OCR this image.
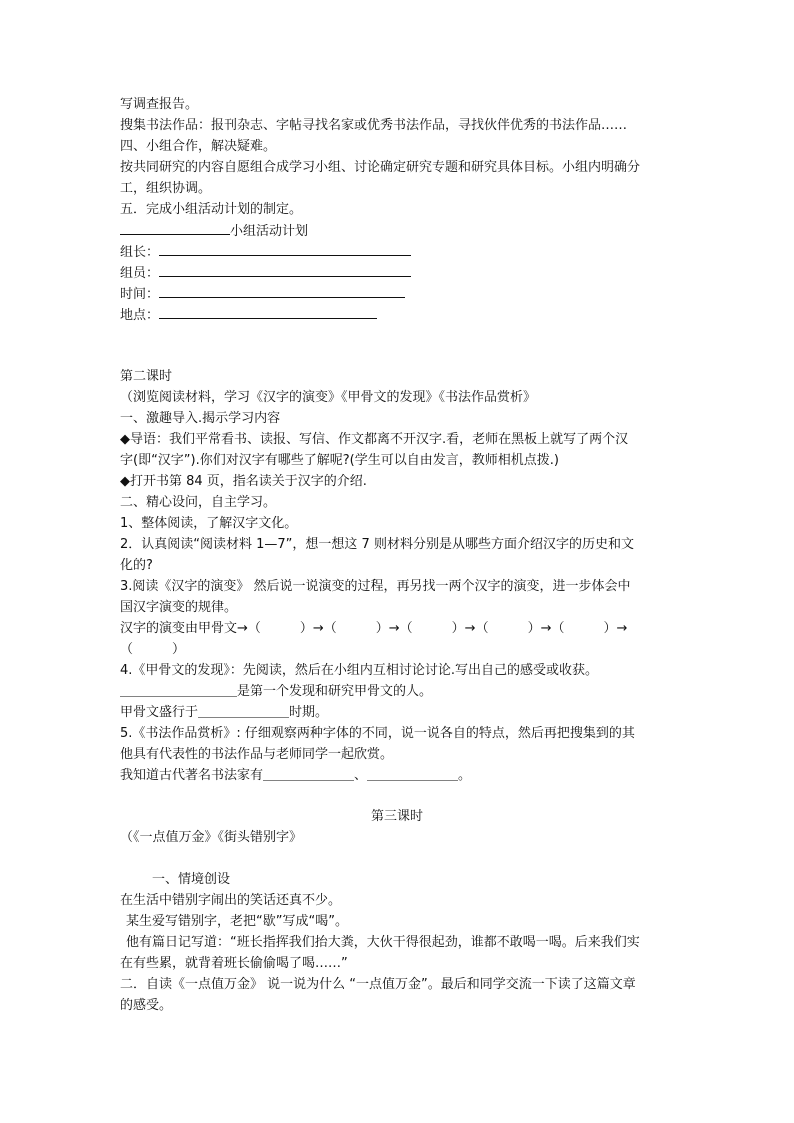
写调查报告。

搜集书法作品：报刊杂志、字帖寻找名家或优秀书法作品，寻找伙伴优秀的书法作品……

四、小组合作，解决疑难。

按共同研究的内容自愿组合成学习小组、讨论确定研究专题和研究具体目标。小组内明确分

工，组织协调。

五．完成小组活动计划的制定。

小组活动计划

组长：

组员：

时间：

地点：

第二课时

（浏览阅读材料，学习《汉字的演变》《甲骨文的发现》《书法作品赏析》

一、激趣导入.揭示学习内容

◆导语：我们平常看书、读报、写信、作文都离不开汉字.看，老师在黑板上就写了两个汉

字(即“汉字”).你们对汉字有哪些了解呢?(学生可以自由发言，教师相机点拨.)

◆打开书第 84 页，指名读关于汉字的介绍.

二、精心设问，自主学习。

1、整体阅读，了解汉字文化。

2．认真阅读“阅读材料 1—7”，想一想这 7 则材料分别是从哪些方面介绍汉字的历史和文

化的?

3.阅读《汉字的演变》 然后说一说演变的过程，再另找一两个汉字的演变，进一步体会中

国汉字演变的规律。

汉字的演变由甲骨文→（　　　）→（　　　）→（　　　）→（　　　）→（　　　）→

（　　　）

4.《甲骨文的发现》：先阅读，然后在小组内互相讨论讨论.写出自己的感受或收获。

＿＿＿＿＿＿＿＿＿是第一个发现和研究甲骨文的人。

甲骨文盛行于＿＿＿＿＿＿＿时期。

5.《书法作品赏析》: 仔细观察两种字体的不同，说一说各自的特点，然后再把搜集到的其

他具有代表性的书法作品与老师同学一起欣赏。

我知道古代著名书法家有＿＿＿＿＿＿＿、＿＿＿＿＿＿＿。

第三课时

（《一点值万金》《街头错别字》

一、情境创设

在生活中错别字闹出的笑话还真不少。

某生爱写错别字，老把“歇”写成“喝”。

他有篇日记写道：“班长指挥我们抬大粪，大伙干得很起劲，谁都不敢喝一喝。后来我们实

在有些累，就背着班长偷偷喝了喝……”

二．自读《一点值万金》 说一说为什么 “一点值万金”。最后和同学交流一下读了这篇文章

的感受。
